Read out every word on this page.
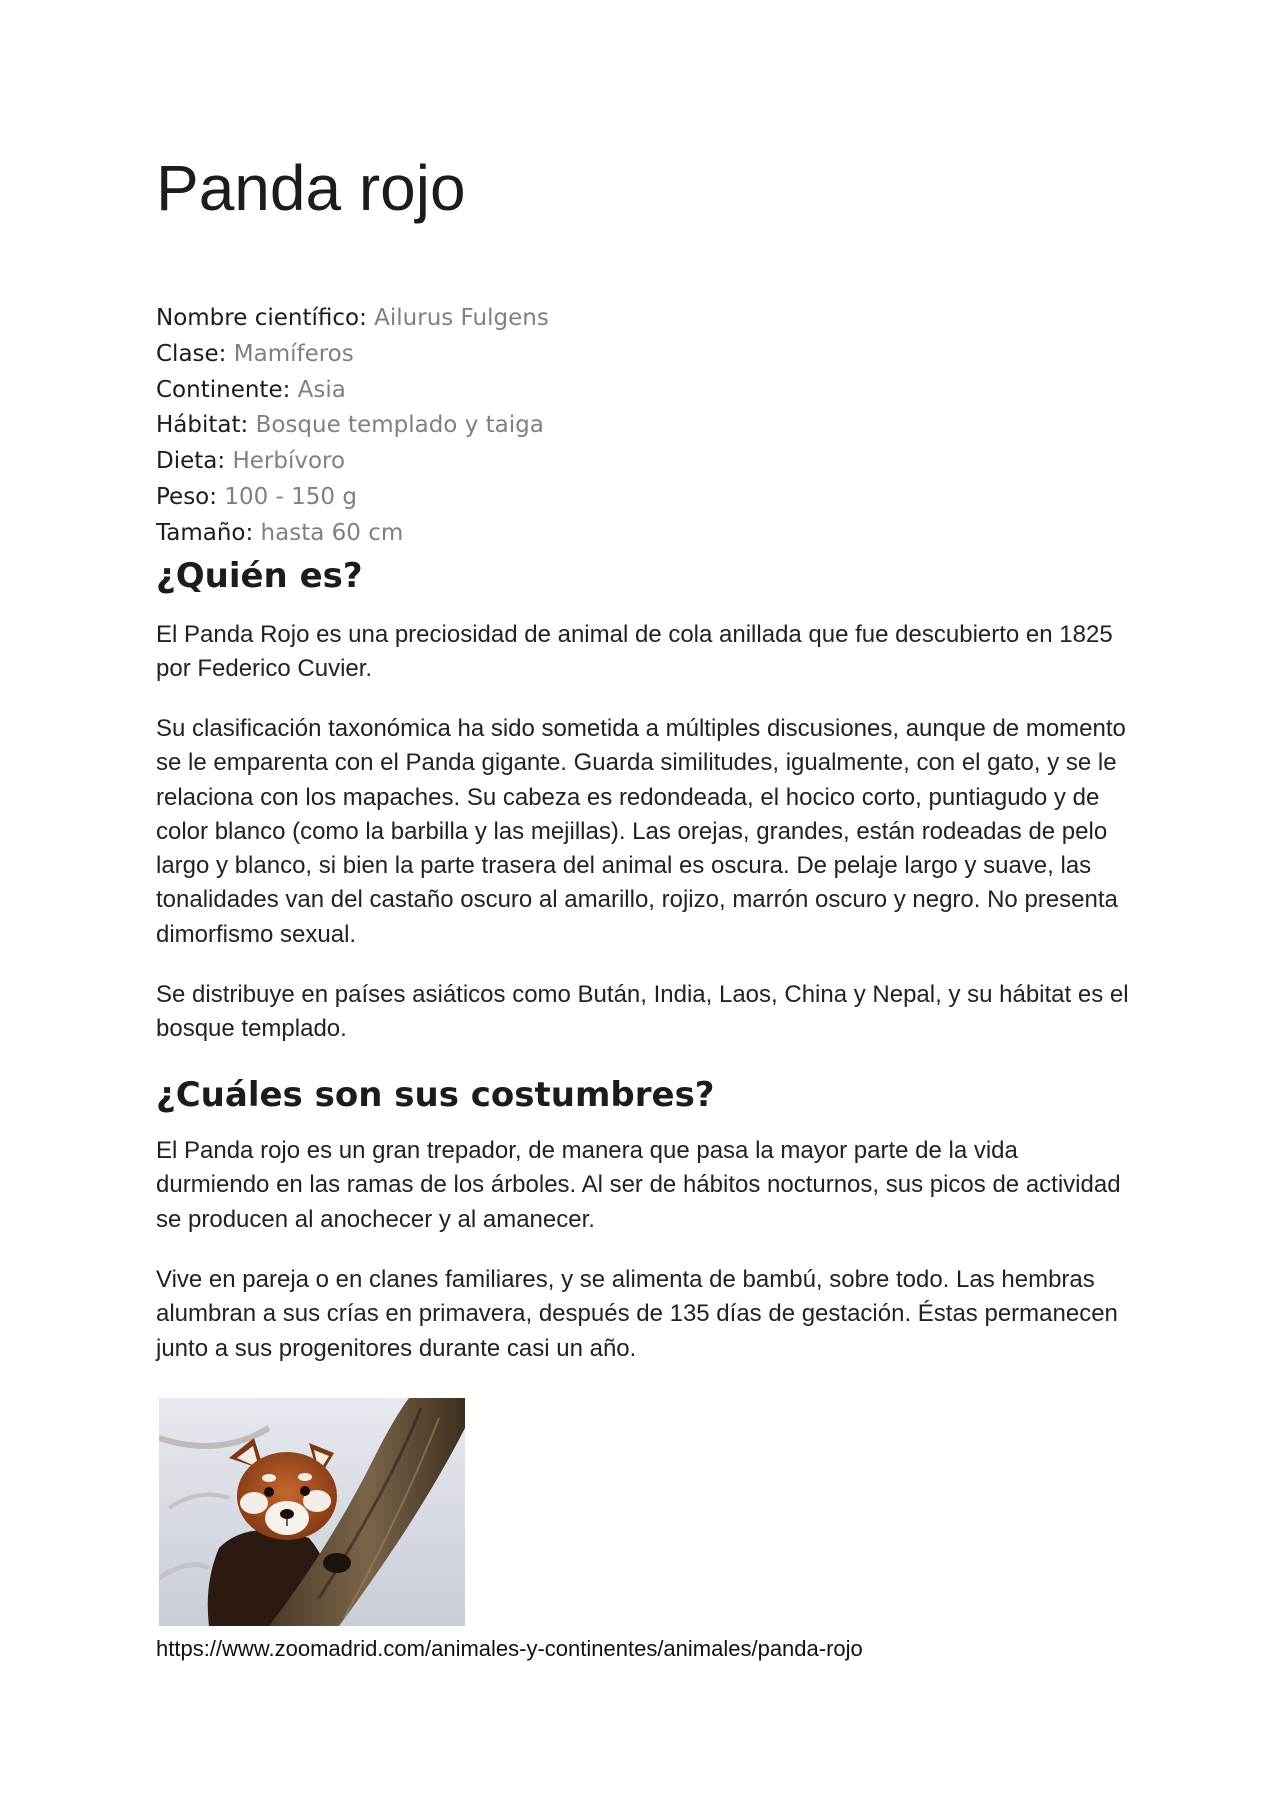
Panda rojo
Nombre científico: Ailurus Fulgens
Clase: Mamíferos
Continente: Asia
Hábitat: Bosque templado y taiga
Dieta: Herbívoro
Peso: 100 - 150 g
Tamaño: hasta 60 cm
¿Quién es?

El Panda Rojo es una preciosidad de animal de cola anillada que fue descubierto en 1825 por Federico Cuvier.

Su clasificación taxonómica ha sido sometida a múltiples discusiones, aunque de momento se le emparenta con el Panda gigante. Guarda similitudes, igualmente, con el gato, y se le relaciona con los mapaches. Su cabeza es redondeada, el hocico corto, puntiagudo y de color blanco (como la barbilla y las mejillas). Las orejas, grandes, están rodeadas de pelo largo y blanco, si bien la parte trasera del animal es oscura. De pelaje largo y suave, las tonalidades van del castaño oscuro al amarillo, rojizo, marrón oscuro y negro. No presenta dimorfismo sexual.

Se distribuye en países asiáticos como Bután, India, Laos, China y Nepal, y su hábitat es el bosque templado.

¿Cuáles son sus costumbres?

El Panda rojo es un gran trepador, de manera que pasa la mayor parte de la vida durmiendo en las ramas de los árboles. Al ser de hábitos nocturnos, sus picos de actividad se producen al anochecer y al amanecer.

Vive en pareja o en clanes familiares, y se alimenta de bambú, sobre todo. Las hembras alumbran a sus crías en primavera, después de 135 días de gestación. Éstas permanecen junto a sus progenitores durante casi un año.

https://www.zoomadrid.com/animales-y-continentes/animales/panda-rojo
